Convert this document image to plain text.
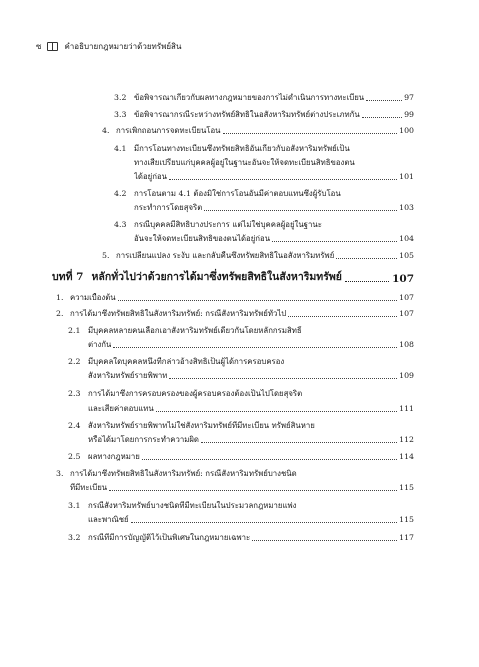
ซ	คำอธิบายกฎหมายว่าด้วยทรัพย์สิน
3.2 ข้อพิจารณาเกี่ยวกับผลทางกฎหมายของการไม่ดำเนินการทางทะเบียน	97
3.3 ข้อพิจารณากรณีระหว่างทรัพย์สิทธิในอสังหาริมทรัพย์ต่างประเภทกัน	99
4. การเพิกถอนการจดทะเบียนโอน	100
4.1 มีการโอนทางทะเบียนซึ่งทรัพยสิทธิอันเกี่ยวกับอสังหาริมทรัพย์เป็น
ทางเสียเปรียบแก่บุคคลผู้อยู่ในฐานะอันจะให้จดทะเบียนสิทธิของตน
ได้อยู่ก่อน	101
4.2 การโอนตาม 4.1 ต้องมิใช่การโอนอันมีค่าตอบแทนซึ่งผู้รับโอน
กระทำการโดยสุจริต	103
4.3 กรณีบุคคลมีสิทธิบางประการ แต่ไม่ใช่บุคคลผู้อยู่ในฐานะ
อันจะให้จดทะเบียนสิทธิของตนได้อยู่ก่อน	104
5. การเปลี่ยนแปลง ระงับ และกลับคืนซึ่งทรัพยสิทธิในอสังหาริมทรัพย์	105
บทที่ 7 หลักทั่วไปว่าด้วยการได้มาซึ่งทรัพยสิทธิในสังหาริมทรัพย์	107
1. ความเบื้องต้น	107
2. การได้มาซึ่งทรัพยสิทธิในสังหาริมทรัพย์: กรณีสังหาริมทรัพย์ทั่วไป	107
2.1 มีบุคคลหลายคนเลือกเอาสังหาริมทรัพย์เดียวกันโดยหลักกรมสิทธิ์
ต่างกัน	108
2.2 มีบุคคลใดบุคคลหนึ่งที่กล่าวอ้างสิทธิเป็นผู้ได้การครอบครอง
สังหาริมทรัพย์รายพิพาท	109
2.3 การได้มาซึ่งการครอบครองของผู้ครอบครองต้องเป็นไปโดยสุจริต
และเสียค่าตอบแทน	111
2.4 สังหาริมทรัพย์รายพิพาทไม่ใช่สังหาริมทรัพย์ที่มีทะเบียน ทรัพย์สินหาย
หรือได้มาโดยการกระทำความผิด	112
2.5 ผลทางกฎหมาย	114
3. การได้มาซึ่งทรัพยสิทธิในสังหาริมทรัพย์: กรณีสังหาริมทรัพย์บางชนิด
ที่มีทะเบียน	115
3.1 กรณีสังหาริมทรัพย์บางชนิดที่มีทะเบียนในประมวลกฎหมายแพ่ง
และพาณิชย์	115
3.2 กรณีที่มีการบัญญัติไว้เป็นพิเศษในกฎหมายเฉพาะ	117
